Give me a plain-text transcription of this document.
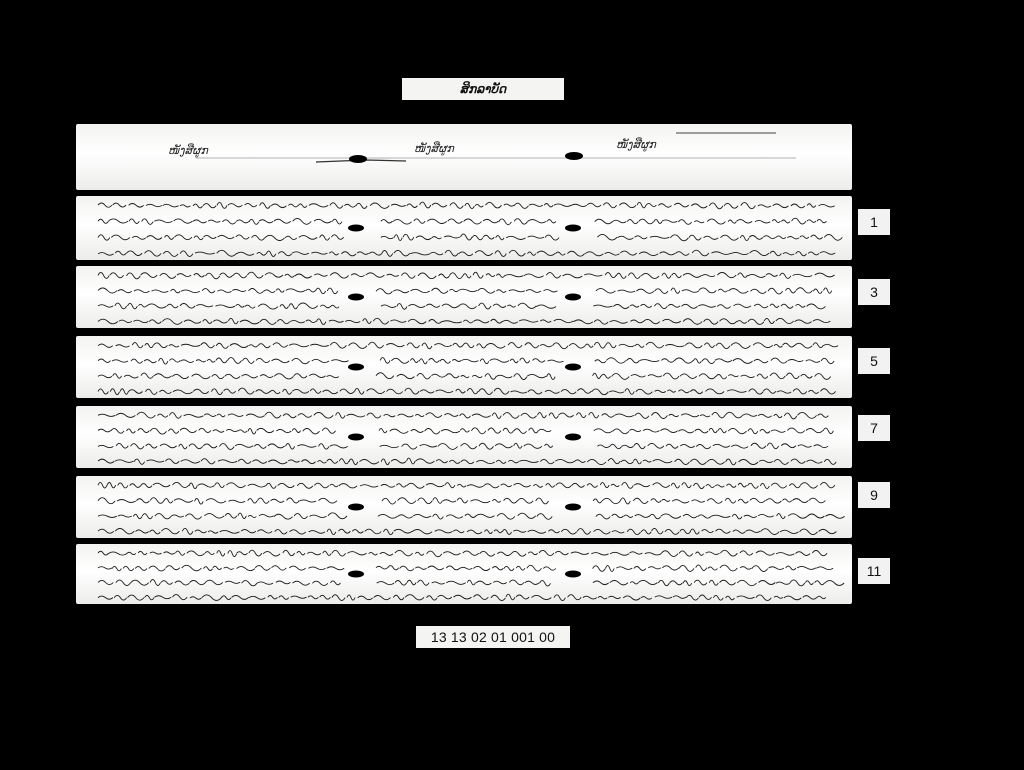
ສິກລາບັດ
ໜັງສືຜູກ	ໜັງສືຜູກ	ໜັງສືຜູກ
1
3
5
7
9
11
13 13 02 01 001 00
